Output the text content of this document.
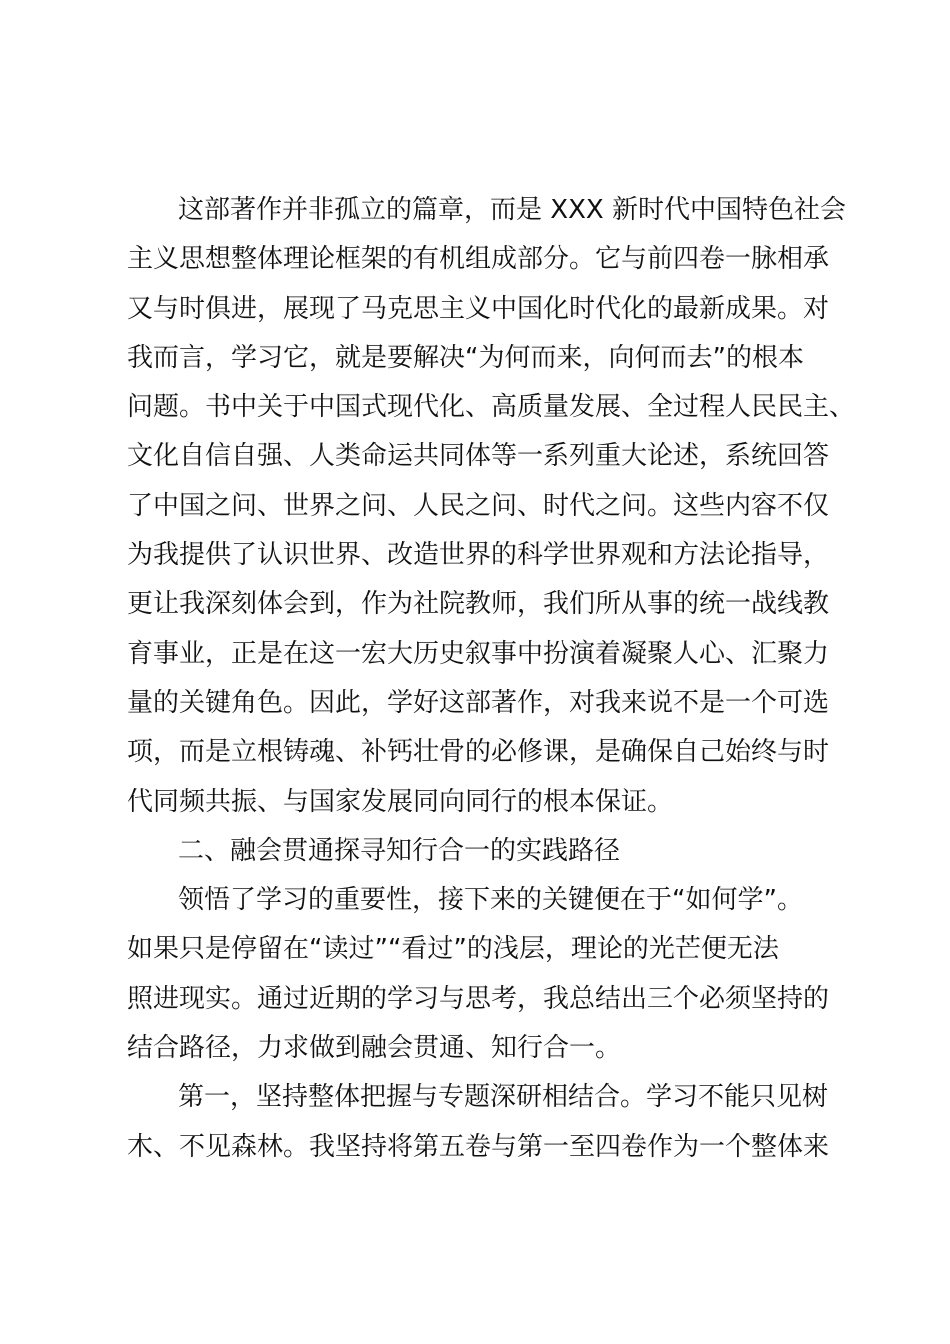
这部著作并非孤立的篇章，而是 XXX 新时代中国特色社会
主义思想整体理论框架的有机组成部分。它与前四卷一脉相承
又与时俱进，展现了马克思主义中国化时代化的最新成果。对
我而言，学习它，就是要解决“为何而来，向何而去”的根本
问题。书中关于中国式现代化、高质量发展、全过程人民民主、
文化自信自强、人类命运共同体等一系列重大论述，系统回答
了中国之问、世界之问、人民之问、时代之问。这些内容不仅
为我提供了认识世界、改造世界的科学世界观和方法论指导，
更让我深刻体会到，作为社院教师，我们所从事的统一战线教
育事业，正是在这一宏大历史叙事中扮演着凝聚人心、汇聚力
量的关键角色。因此，学好这部著作，对我来说不是一个可选
项，而是立根铸魂、补钙壮骨的必修课，是确保自己始终与时
代同频共振、与国家发展同向同行的根本保证。
二、融会贯通探寻知行合一的实践路径
领悟了学习的重要性，接下来的关键便在于“如何学”。
如果只是停留在“读过”“看过”的浅层，理论的光芒便无法
照进现实。通过近期的学习与思考，我总结出三个必须坚持的
结合路径，力求做到融会贯通、知行合一。
第一，坚持整体把握与专题深研相结合。学习不能只见树
木、不见森林。我坚持将第五卷与第一至四卷作为一个整体来
